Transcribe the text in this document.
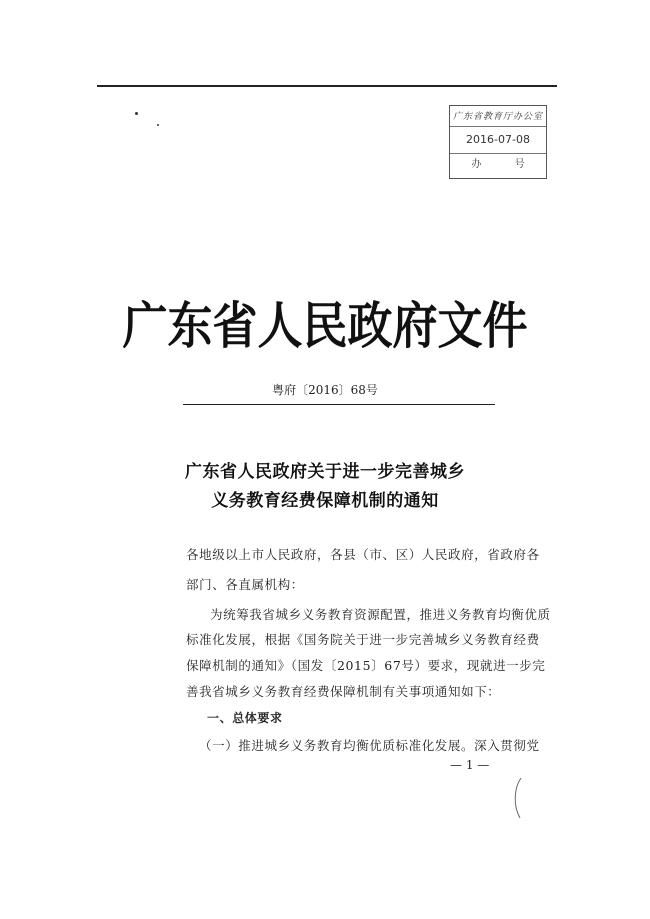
广东省教育厅办公室
2016-07-08
办	号
广东省人民政府文件
粤府〔2016〕68号
广东省人民政府关于进一步完善城乡
义务教育经费保障机制的通知
各地级以上市人民政府，各县（市、区）人民政府，省政府各
部门、各直属机构：
为统筹我省城乡义务教育资源配置，推进义务教育均衡优质
标准化发展，根据《国务院关于进一步完善城乡义务教育经费
保障机制的通知》（国发〔2015〕67号）要求，现就进一步完
善我省城乡义务教育经费保障机制有关事项通知如下：
一、总体要求
（一）推进城乡义务教育均衡优质标准化发展。深入贯彻党
— 1 —
